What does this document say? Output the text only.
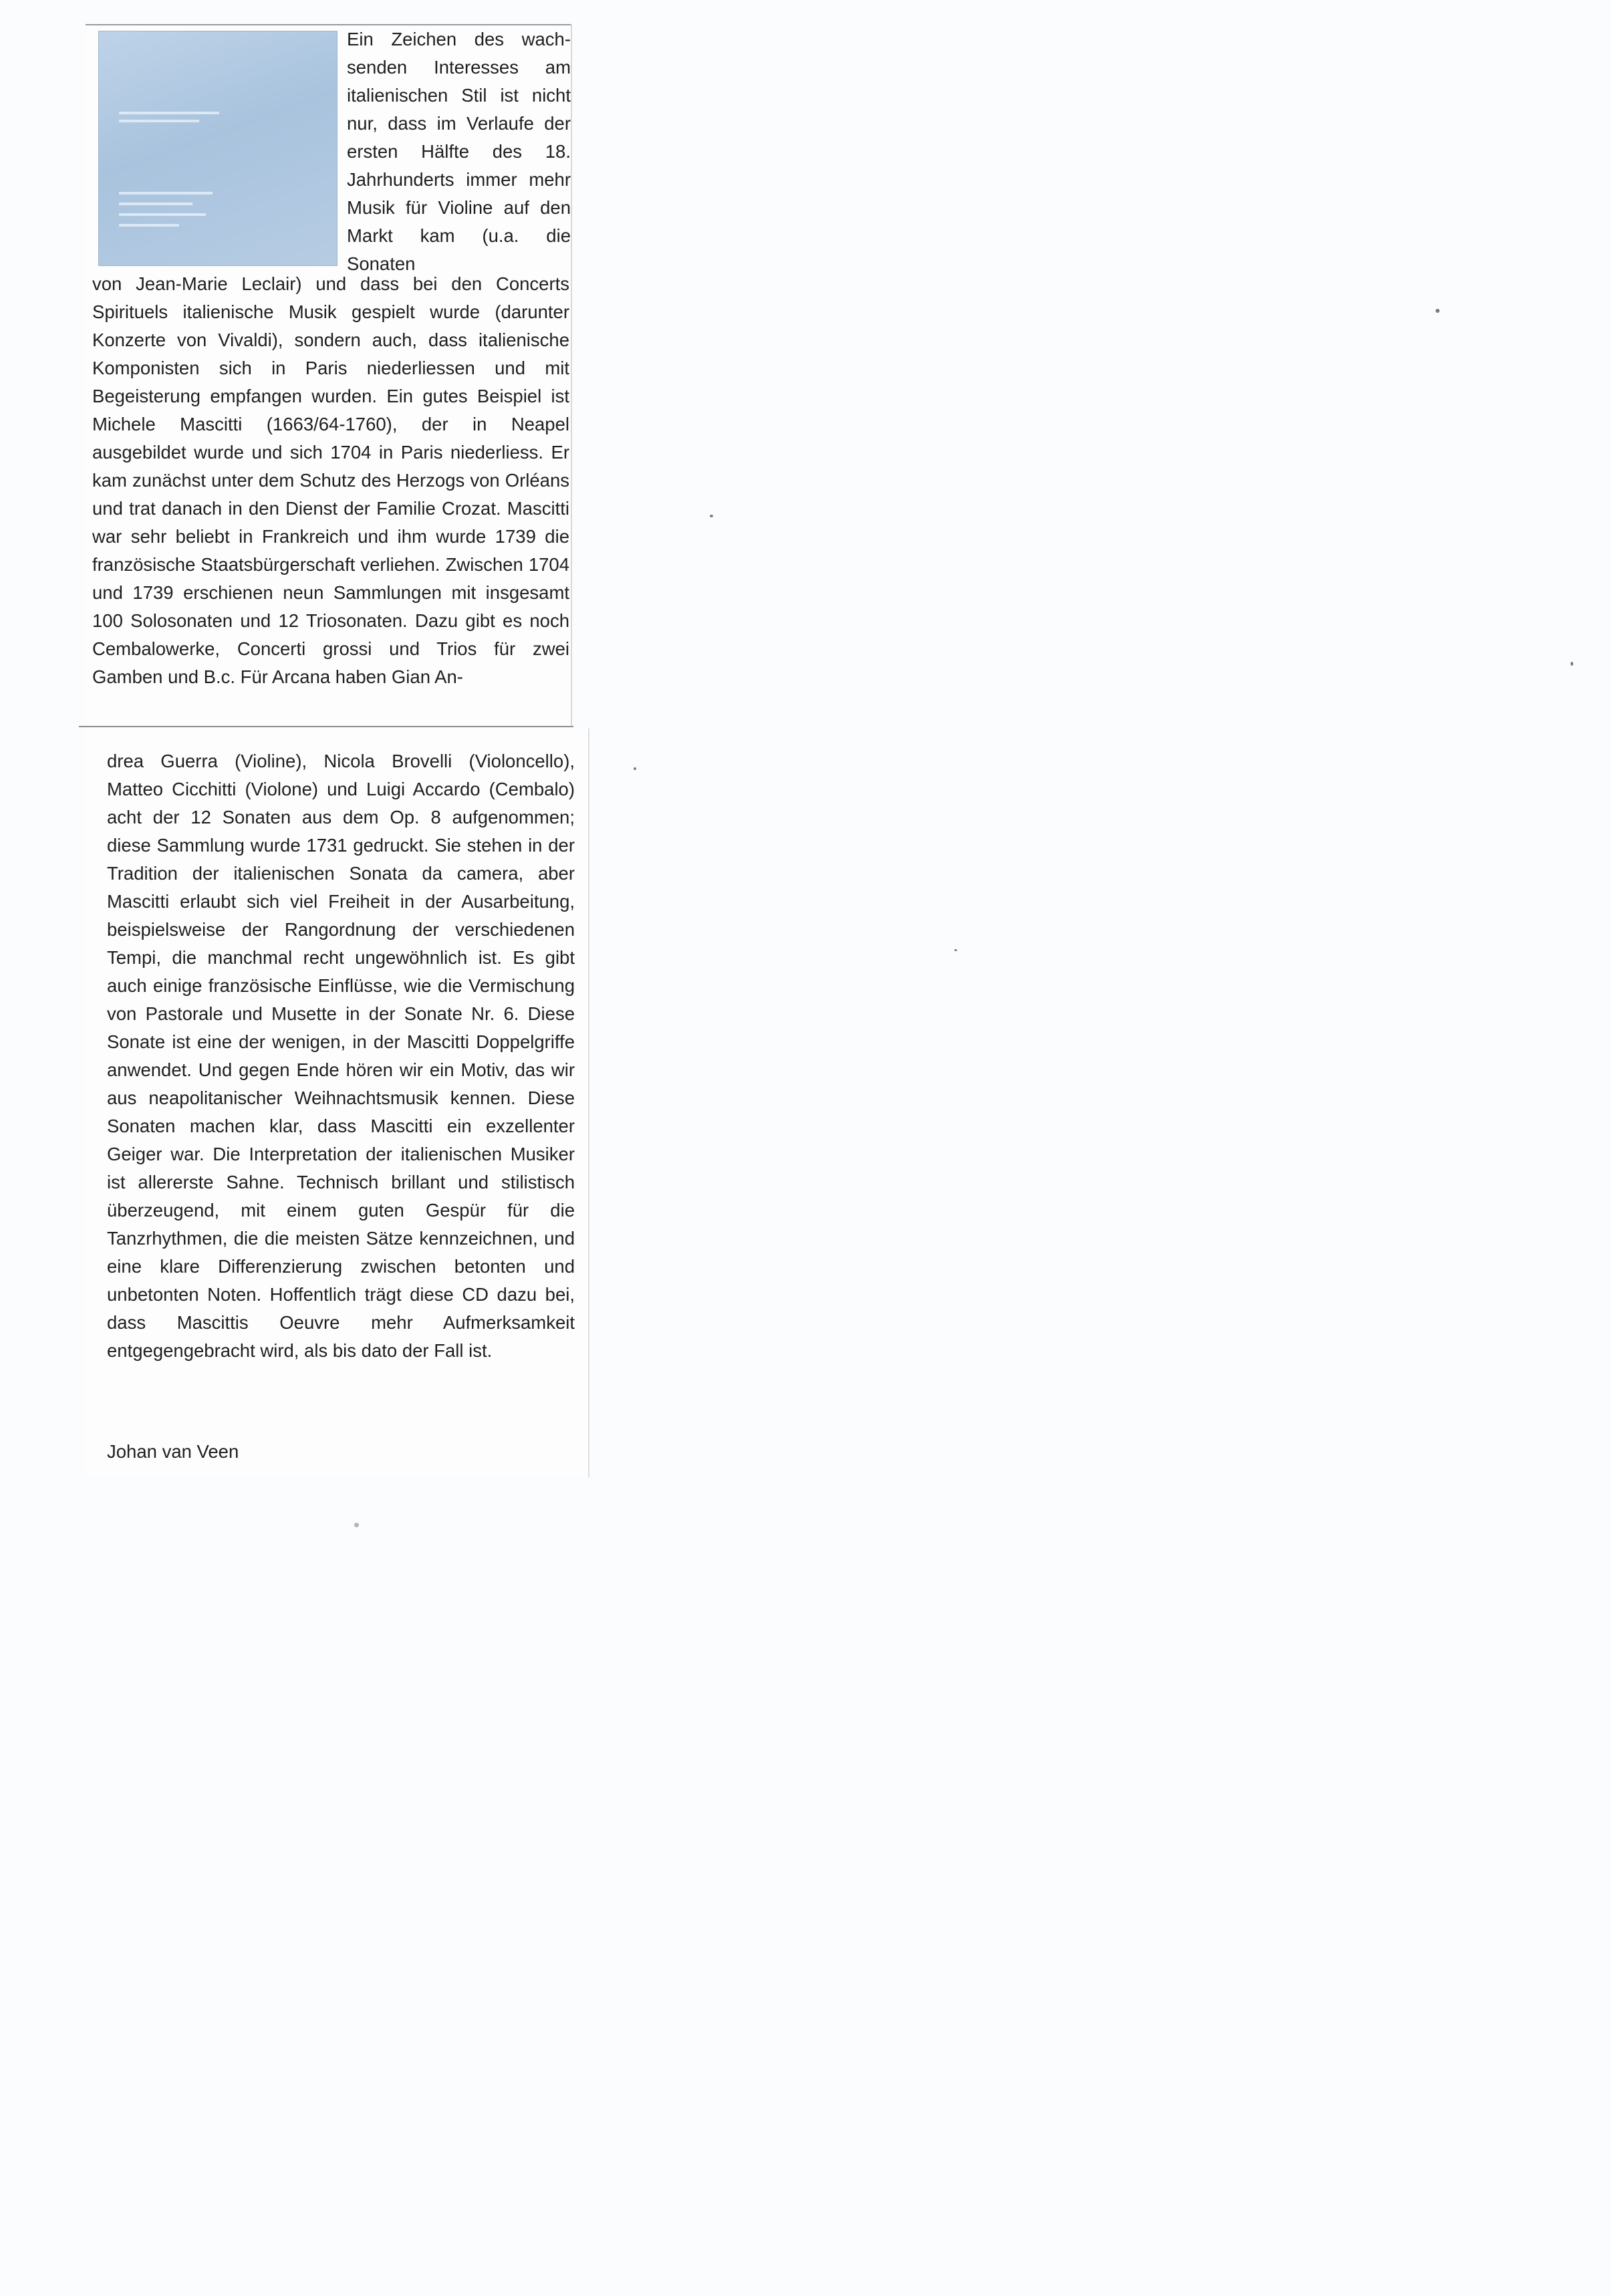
Ein Zeichen des wachsenden Interesses am italienischen Stil ist nicht nur, dass im Verlaufe der ersten Hälfte des 18. Jahrhunderts immer mehr Musik für Violine auf den Markt kam (u.a. die Sonaten

von Jean-Marie Leclair) und dass bei den Concerts Spirituels italienische Musik gespielt wurde (darunter Konzerte von Vivaldi), sondern auch, dass italienische Komponisten sich in Paris niederliessen und mit Begeisterung empfangen wurden. Ein gutes Beispiel ist Michele Mascitti (1663/64-1760), der in Neapel ausgebildet wurde und sich 1704 in Paris niederliess. Er kam zunächst unter dem Schutz des Herzogs von Orléans und trat danach in den Dienst der Familie Crozat. Mascitti war sehr beliebt in Frankreich und ihm wurde 1739 die französische Staatsbürgerschaft verliehen. Zwischen 1704 und 1739 erschienen neun Sammlungen mit insgesamt 100 Solosonaten und 12 Triosonaten. Dazu gibt es noch Cembalowerke, Concerti grossi und Trios für zwei Gamben und B.c. Für Arcana haben Gian An-

drea Guerra (Violine), Nicola Brovelli (Violoncello), Matteo Cicchitti (Violone) und Luigi Accardo (Cembalo) acht der 12 Sonaten aus dem Op. 8 aufgenommen; diese Sammlung wurde 1731 gedruckt. Sie stehen in der Tradition der italienischen Sonata da camera, aber Mascitti erlaubt sich viel Freiheit in der Ausarbeitung, beispielsweise der Rangordnung der verschiedenen Tempi, die manchmal recht ungewöhnlich ist. Es gibt auch einige französische Einflüsse, wie die Vermischung von Pastorale und Musette in der Sonate Nr. 6. Diese Sonate ist eine der wenigen, in der Mascitti Doppelgriffe anwendet. Und gegen Ende hören wir ein Motiv, das wir aus neapolitanischer Weihnachtsmusik kennen. Diese Sonaten machen klar, dass Mascitti ein exzellenter Geiger war. Die Interpretation der italienischen Musiker ist allererste Sahne. Technisch brillant und stilistisch überzeugend, mit einem guten Gespür für die Tanzrhythmen, die die meisten Sätze kennzeichnen, und eine klare Differenzierung zwischen betonten und unbetonten Noten. Hoffentlich trägt diese CD dazu bei, dass Mascittis Oeuvre mehr Aufmerksamkeit entgegengebracht wird, als bis dato der Fall ist.

Johan van Veen
